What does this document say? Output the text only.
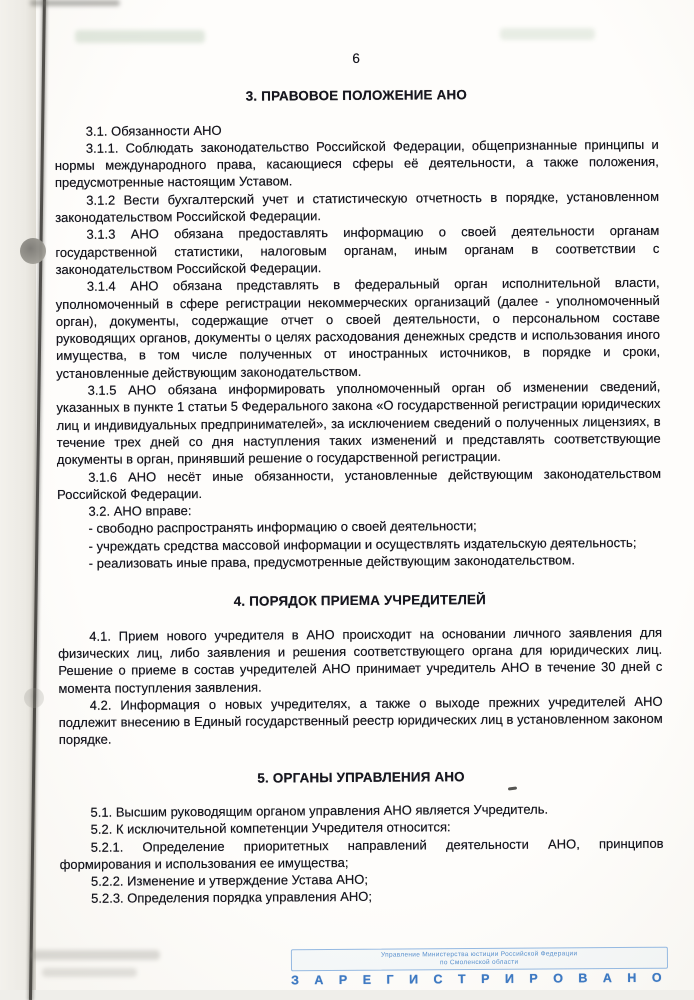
6
3. ПРАВОВОЕ ПОЛОЖЕНИЕ АНО

3.1. Обязанности АНО

3.1.1. Соблюдать законодательство Российской Федерации, общепризнанные принципы и нормы международного права, касающиеся сферы её деятельности, а также положения, предусмотренные настоящим Уставом.

3.1.2 Вести бухгалтерский учет и статистическую отчетность в порядке, установленном законодательством Российской Федерации.

3.1.3 АНО обязана предоставлять информацию о своей деятельности органам государственной статистики, налоговым органам, иным органам в соответствии с законодательством Российской Федерации.

3.1.4 АНО обязана представлять в федеральный орган исполнительной власти, уполномоченный в сфере регистрации некоммерческих организаций (далее - уполномоченный орган), документы, содержащие отчет о своей деятельности, о персональном составе руководящих органов, документы о целях расходования денежных средств и использования иного имущества, в том числе полученных от иностранных источников, в порядке и сроки, установленные действующим законодательством.

3.1.5 АНО обязана информировать уполномоченный орган об изменении сведений, указанных в пункте 1 статьи 5 Федерального закона «О государственной регистрации юридических лиц и индивидуальных предпринимателей», за исключением сведений о полученных лицензиях, в течение трех дней со дня наступления таких изменений и представлять соответствующие документы в орган, принявший решение о государственной регистрации.

3.1.6 АНО несёт иные обязанности, установленные действующим законодательством Российской Федерации.

3.2. АНО вправе:

- свободно распространять информацию о своей деятельности;

- учреждать средства массовой информации и осуществлять издательскую деятельность;

- реализовать иные права, предусмотренные действующим законодательством.

4. ПОРЯДОК ПРИЕМА УЧРЕДИТЕЛЕЙ

4.1. Прием нового учредителя в АНО происходит на основании личного заявления для физических лиц, либо заявления и решения соответствующего органа для юридических лиц. Решение о приеме в состав учредителей АНО принимает учредитель АНО в течение 30 дней с момента поступления заявления.

4.2. Информация о новых учредителях, а также о выходе прежних учредителей АНО подлежит внесению в Единый государственный реестр юридических лиц в установленном законом порядке.

5. ОРГАНЫ УПРАВЛЕНИЯ АНО

5.1. Высшим руководящим органом управления АНО является Учредитель.

5.2. К исключительной компетенции Учредителя относится:

5.2.1. Определение приоритетных направлений деятельности АНО, принципов формирования и использования ее имущества;

5.2.2. Изменение и утверждение Устава АНО;

5.2.3. Определения порядка управления АНО;

Управление Министерства юстиции Российской Федерации
по Смоленской области
З А Р Е Г И С Т Р И Р О В А Н О
